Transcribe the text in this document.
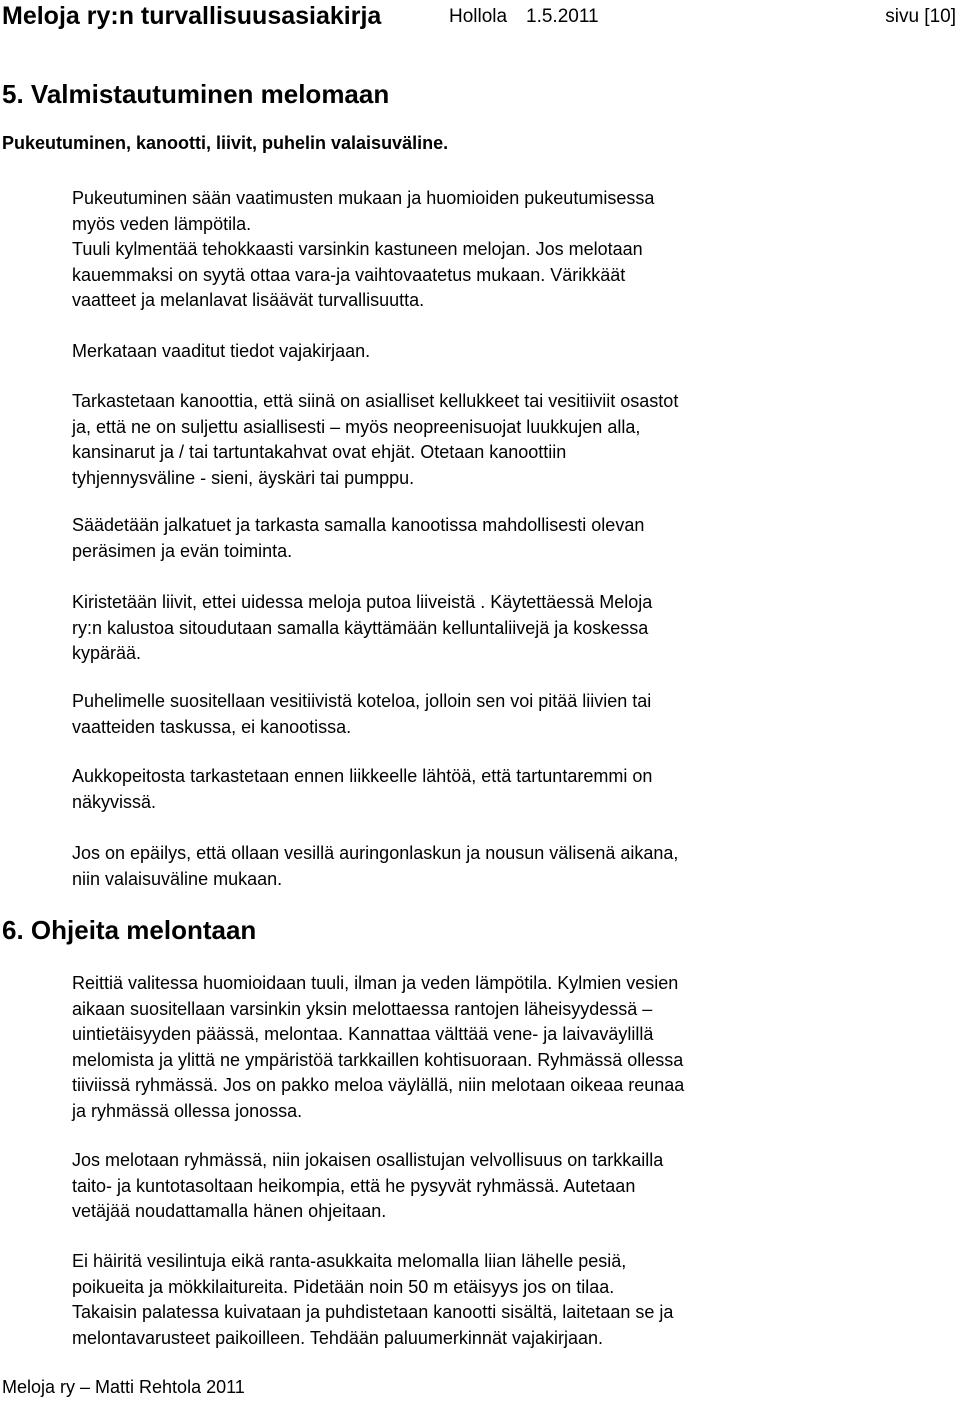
Meloja ry:n turvallisuusasiakirja	Hollola 1.5.2011	sivu [10]
5. Valmistautuminen melomaan
Pukeutuminen, kanootti, liivit, puhelin valaisuväline.
Pukeutuminen sään vaatimusten mukaan ja huomioiden pukeutumisessa
myös veden lämpötila.
Tuuli kylmentää tehokkaasti varsinkin kastuneen melojan. Jos melotaan
kauemmaksi on syytä ottaa vara-ja vaihtovaatetus mukaan. Värikkäät
vaatteet ja melanlavat lisäävät turvallisuutta.
Merkataan vaaditut tiedot vajakirjaan.
Tarkastetaan kanoottia, että siinä on asialliset kellukkeet tai vesitiiviit osastot
ja, että ne on suljettu asiallisesti – myös neopreenisuojat luukkujen alla,
kansinarut ja / tai tartuntakahvat ovat ehjät. Otetaan kanoottiin
tyhjennysväline - sieni, äyskäri tai pumppu.
Säädetään jalkatuet ja tarkasta samalla kanootissa mahdollisesti olevan
peräsimen ja evän toiminta.
Kiristetään liivit, ettei uidessa meloja putoa liiveistä . Käytettäessä Meloja
ry:n kalustoa sitoudutaan samalla käyttämään kelluntaliivejä ja koskessa
kypärää.
Puhelimelle suositellaan vesitiivistä koteloa, jolloin sen voi pitää liivien tai
vaatteiden taskussa, ei kanootissa.
Aukkopeitosta tarkastetaan ennen liikkeelle lähtöä, että tartuntaremmi on
näkyvissä.
Jos on epäilys, että ollaan vesillä auringonlaskun ja nousun välisenä aikana,
niin valaisuväline mukaan.
6. Ohjeita melontaan
Reittiä valitessa huomioidaan tuuli, ilman ja veden lämpötila. Kylmien vesien
aikaan suositellaan varsinkin yksin melottaessa rantojen läheisyydessä –
uintietäisyyden päässä, melontaa. Kannattaa välttää vene- ja laivaväylillä
melomista ja ylittä ne ympäristöä tarkkaillen kohtisuoraan. Ryhmässä ollessa
tiiviissä ryhmässä. Jos on pakko meloa väylällä, niin melotaan oikeaa reunaa
ja ryhmässä ollessa jonossa.
Jos melotaan ryhmässä, niin jokaisen osallistujan velvollisuus on tarkkailla
taito- ja kuntotasoltaan heikompia, että he pysyvät ryhmässä. Autetaan
vetäjää noudattamalla hänen ohjeitaan.
Ei häiritä vesilintuja eikä ranta-asukkaita melomalla liian lähelle pesiä,
poikueita ja mökkilaitureita. Pidetään noin 50 m etäisyys jos on tilaa.
Takaisin palatessa kuivataan ja puhdistetaan kanootti sisältä, laitetaan se ja
melontavarusteet paikoilleen. Tehdään paluumerkinnät vajakirjaan.
Meloja ry – Matti Rehtola 2011
